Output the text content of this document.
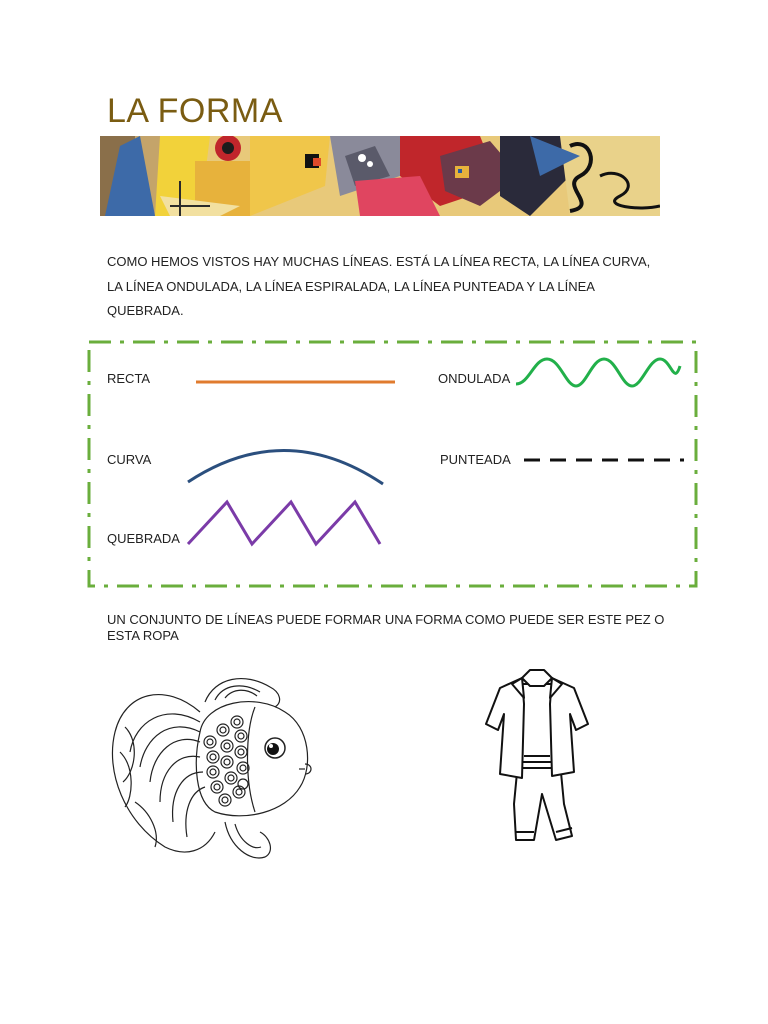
LA FORMA
COMO HEMOS VISTOS HAY MUCHAS LÍNEAS. ESTÁ LA LÍNEA RECTA, LA LÍNEA CURVA, LA LÍNEA ONDULADA, LA LÍNEA ESPIRALADA, LA LÍNEA PUNTEADA Y LA LÍNEA QUEBRADA.
RECTA
CURVA
QUEBRADA
ONDULADA
PUNTEADA
UN CONJUNTO DE LÍNEAS PUEDE FORMAR UNA FORMA COMO PUEDE SER ESTE PEZ O ESTA ROPA
